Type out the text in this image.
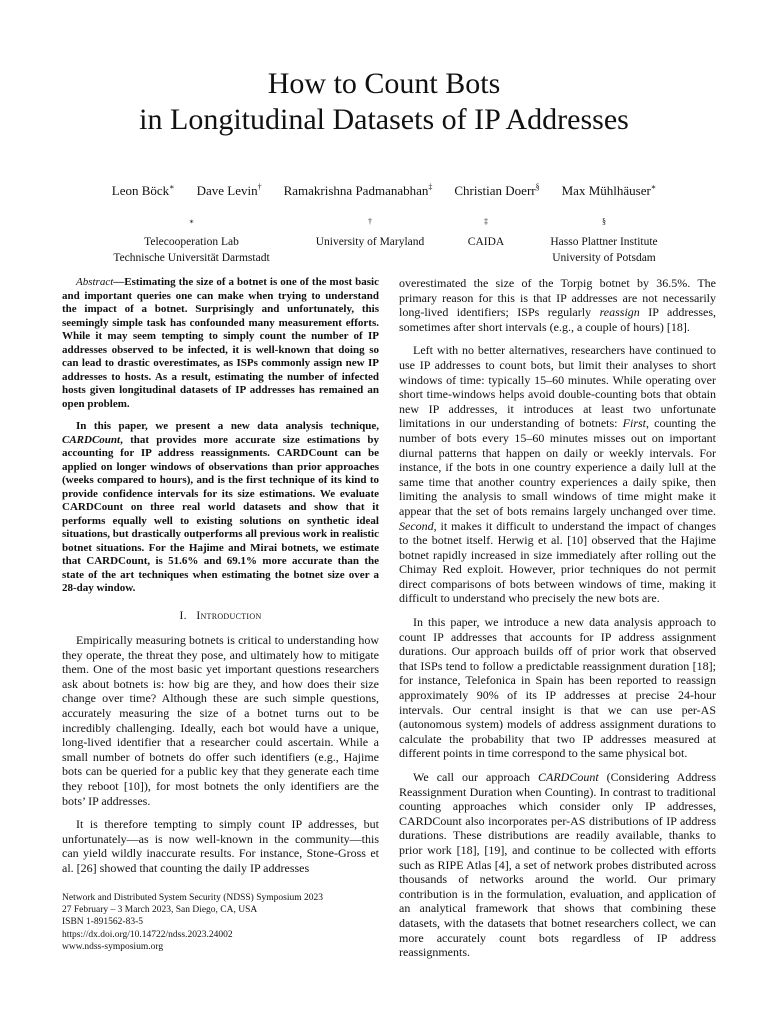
How to Count Bots
in Longitudinal Datasets of IP Addresses
Leon Böck∗ Dave Levin† Ramakrishna Padmanabhan‡ Christian Doerr§ Max Mühlhäuser∗
∗
Telecooperation Lab
Technische Universität Darmstadt
†
University of Maryland
‡
CAIDA
§
Hasso Plattner Institute
University of Potsdam

Abstract—Estimating the size of a botnet is one of the most basic and important queries one can make when trying to understand the impact of a botnet. Surprisingly and unfortunately, this seemingly simple task has confounded many measurement efforts. While it may seem tempting to simply count the number of IP addresses observed to be infected, it is well-known that doing so can lead to drastic overestimates, as ISPs commonly assign new IP addresses to hosts. As a result, estimating the number of infected hosts given longitudinal datasets of IP addresses has remained an open problem.

In this paper, we present a new data analysis technique, CARDCount, that provides more accurate size estimations by accounting for IP address reassignments. CARDCount can be applied on longer windows of observations than prior approaches (weeks compared to hours), and is the first technique of its kind to provide confidence intervals for its size estimations. We evaluate CARDCount on three real world datasets and show that it performs equally well to existing solutions on synthetic ideal situations, but drastically outperforms all previous work in realistic botnet situations. For the Hajime and Mirai botnets, we estimate that CARDCount, is 51.6% and 69.1% more accurate than the state of the art techniques when estimating the botnet size over a 28-day window.

I. Introduction

Empirically measuring botnets is critical to understanding how they operate, the threat they pose, and ultimately how to mitigate them. One of the most basic yet important questions researchers ask about botnets is: how big are they, and how does their size change over time? Although these are such simple questions, accurately measuring the size of a botnet turns out to be incredibly challenging. Ideally, each bot would have a unique, long-lived identifier that a researcher could ascertain. While a small number of botnets do offer such identifiers (e.g., Hajime bots can be queried for a public key that they generate each time they reboot [10]), for most botnets the only identifiers are the bots’ IP addresses.

It is therefore tempting to simply count IP addresses, but unfortunately—as is now well-known in the community—this can yield wildly inaccurate results. For instance, Stone-Gross et al. [26] showed that counting the daily IP addresses

overestimated the size of the Torpig botnet by 36.5%. The primary reason for this is that IP addresses are not necessarily long-lived identifiers; ISPs regularly reassign IP addresses, sometimes after short intervals (e.g., a couple of hours) [18].

Left with no better alternatives, researchers have continued to use IP addresses to count bots, but limit their analyses to short windows of time: typically 15–60 minutes. While operating over short time-windows helps avoid double-counting bots that obtain new IP addresses, it introduces at least two unfortunate limitations in our understanding of botnets: First, counting the number of bots every 15–60 minutes misses out on important diurnal patterns that happen on daily or weekly intervals. For instance, if the bots in one country experience a daily lull at the same time that another country experiences a daily spike, then limiting the analysis to small windows of time might make it appear that the set of bots remains largely unchanged over time. Second, it makes it difficult to understand the impact of changes to the botnet itself. Herwig et al. [10] observed that the Hajime botnet rapidly increased in size immediately after rolling out the Chimay Red exploit. However, prior techniques do not permit direct comparisons of bots between windows of time, making it difficult to understand who precisely the new bots are.

In this paper, we introduce a new data analysis approach to count IP addresses that accounts for IP address assignment durations. Our approach builds off of prior work that observed that ISPs tend to follow a predictable reassignment duration [18]; for instance, Telefonica in Spain has been reported to reassign approximately 90% of its IP addresses at precise 24-hour intervals. Our central insight is that we can use per-AS (autonomous system) models of address assignment durations to calculate the probability that two IP addresses measured at different points in time correspond to the same physical bot.

We call our approach CARDCount (Considering Address Reassignment Duration when Counting). In contrast to traditional counting approaches which consider only IP addresses, CARDCount also incorporates per-AS distributions of IP address durations. These distributions are readily available, thanks to prior work [18], [19], and continue to be collected with efforts such as RIPE Atlas [4], a set of network probes distributed across thousands of networks around the world. Our primary contribution is in the formulation, evaluation, and application of an analytical framework that shows that combining these datasets, with the datasets that botnet researchers collect, we can more accurately count bots regardless of IP address reassignments.

Network and Distributed System Security (NDSS) Symposium 2023
27 February – 3 March 2023, San Diego, CA, USA
ISBN 1-891562-83-5
https://dx.doi.org/10.14722/ndss.2023.24002
www.ndss-symposium.org
